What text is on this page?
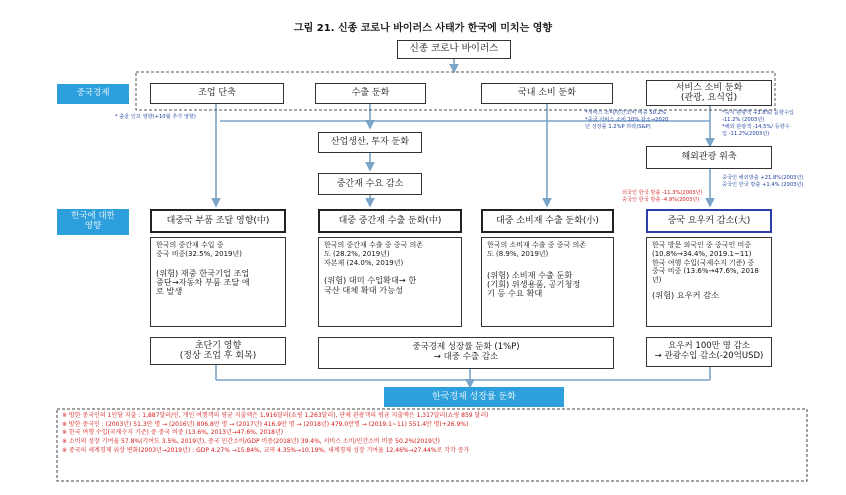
그림 21. 신종 코로나 바이러스 사태가 한국에 미치는 영향
신종 코로나 바이러스
중국경제
한국에 대한
영향
조업 단축	수출 둔화	국내 소비 둔화
서비스 소비 둔화
(관광, 요식업)
* 출울 인프 영향(+10월 추가 영향)
*서비스 소비/민간소비 비중 50.2%
*중국 서비스 소비 10% 감소→2020
년 성장률 1.2%P 하락(S&P)
*숙식 관광객 +3.8%/ 음향수입
-11.2% (2003년)
*해외 관광객 -14.5%/ 등향수
입 -11.2%(2003년)
중국인 해외방출 +21.8%(2003년)
중국인 한국 방출 +1.4% (2003년)
외국인 한국 방출 -11.3%(2003년)
중국인 한국 방출 -4.9%(2003년)
산업생산, 투자 둔화
중간재 수요 감소
해외관광 위축
대중국 부품 조달 영향(中)	대중 중간재 수출 둔화(中)	대중 소비재 수출 둔화(小)	중국 요우커 감소(大)

한국의 중간재 수입 중

중국 비중(32.5%, 2019년)

(위험) 재중 한국기업 조업
중단→자동차 부품 조달 애
로 발생

한국의 중간재 수출 중 중국 의존

도 (28.2%, 2019년)

자본재 (24.0%, 2019년)

(위험) 대미 수입확대→ 한
국산 대체 확대 가능성

한국의 소비재 수출 중 중국 의존

도 (8.9%, 2019년)

(위험) 소비재 수출 둔화
(기회) 위생용품, 공기청정
기 등 수요 확대

한국 방문 외국인 중 중국인 비중

(10.8%→34.4%, 2019.1~11)

한국 여행 수입(국제수지 기준) 중

중국 비중 (13.6%→47.6%, 2018년)

(위험) 요우커 감소

초단기 영향
(정상 조업 후 회복)
중국경제 성장률 둔화 (1%P)
→ 대중 수출 감소
요우커 100만 명 감소
→ 관광수입 감소(-20억USD)
한국경제 성장률 둔화
※ 방한 중국인의 1인당 지출 : 1,887달러/인, 개인 여행객의 평균 지출액은 1,916달러(쇼핑 1,263달러), 단체 관광객의 평균 지출액은 1,317달러(쇼핑 859 달러)
※ 방한 중국인 : (2003년) 51.3만 명 → (2016년) 806.8만 명 → (2017년) 416.9만 명 → (2018년) 479.0만명 → (2019.1~11) 551.4만 명(+26.9%)
※ 한국 여행 수입(국제수지 기준) 중 중국 비중 (13.6%, 2013년→47.6%, 2018년)
※ 소비의 성장 기여율 57.8%(기여도 3.5%, 2019년), 중국 민간소비/GDP 비중(2018년) 39.4%, 서비스 소비/민간소비 비중 50.2%(2019년)
※ 중국의 세계경제 위상 변화(2003년→2019년) : GDP 4.27% →15.84%, 교역 4.35%→10.19%, 세계경제 성장 기여율 12.46%→27.44%로 각각 증가
